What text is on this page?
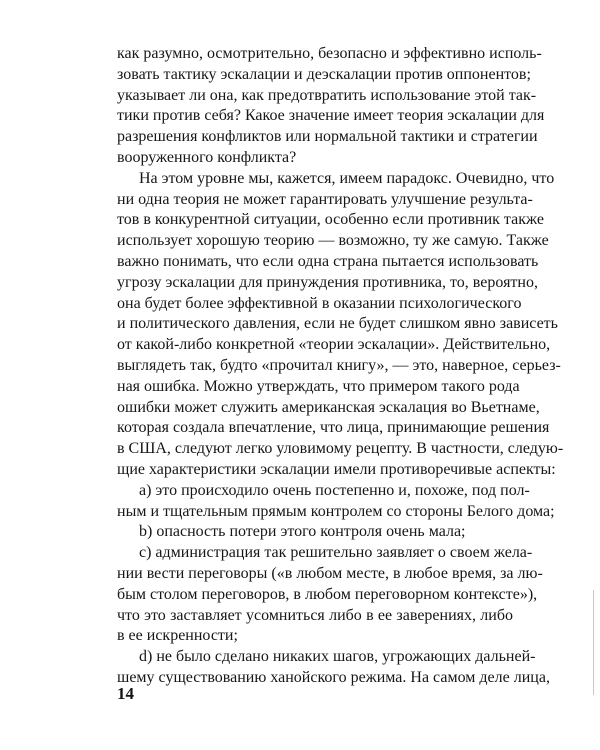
как разумно, осмотрительно, безопасно и эффективно исполь-
зовать тактику эскалации и деэскалации против оппонентов;
указывает ли она, как предотвратить использование этой так-
тики против себя? Какое значение имеет теория эскалации для
разрешения конфликтов или нормальной тактики и стратегии
вооруженного конфликта?
На этом уровне мы, кажется, имеем парадокс. Очевидно, что
ни одна теория не может гарантировать улучшение результа-
тов в конкурентной ситуации, особенно если противник также
использует хорошую теорию — возможно, ту же самую. Также
важно понимать, что если одна страна пытается использовать
угрозу эскалации для принуждения противника, то, вероятно,
она будет более эффективной в оказании психологического
и политического давления, если не будет слишком явно зависеть
от какой-либо конкретной «теории эскалации». Действительно,
выглядеть так, будто «прочитал книгу», — это, наверное, серьез-
ная ошибка. Можно утверждать, что примером такого рода
ошибки может служить американская эскалация во Вьетнаме,
которая создала впечатление, что лица, принимающие решения
в США, следуют легко уловимому рецепту. В частности, следую-
щие характеристики эскалации имели противоречивые аспекты:
a) это происходило очень постепенно и, похоже, под пол-
ным и тщательным прямым контролем со стороны Белого дома;
b) опасность потери этого контроля очень мала;
c) администрация так решительно заявляет о своем жела-
нии вести переговоры («в любом месте, в любое время, за лю-
бым столом переговоров, в любом переговорном контексте»),
что это заставляет усомниться либо в ее заверениях, либо
в ее искренности;
d) не было сделано никаких шагов, угрожающих дальней-
шему существованию ханойского режима. На самом деле лица,
14
